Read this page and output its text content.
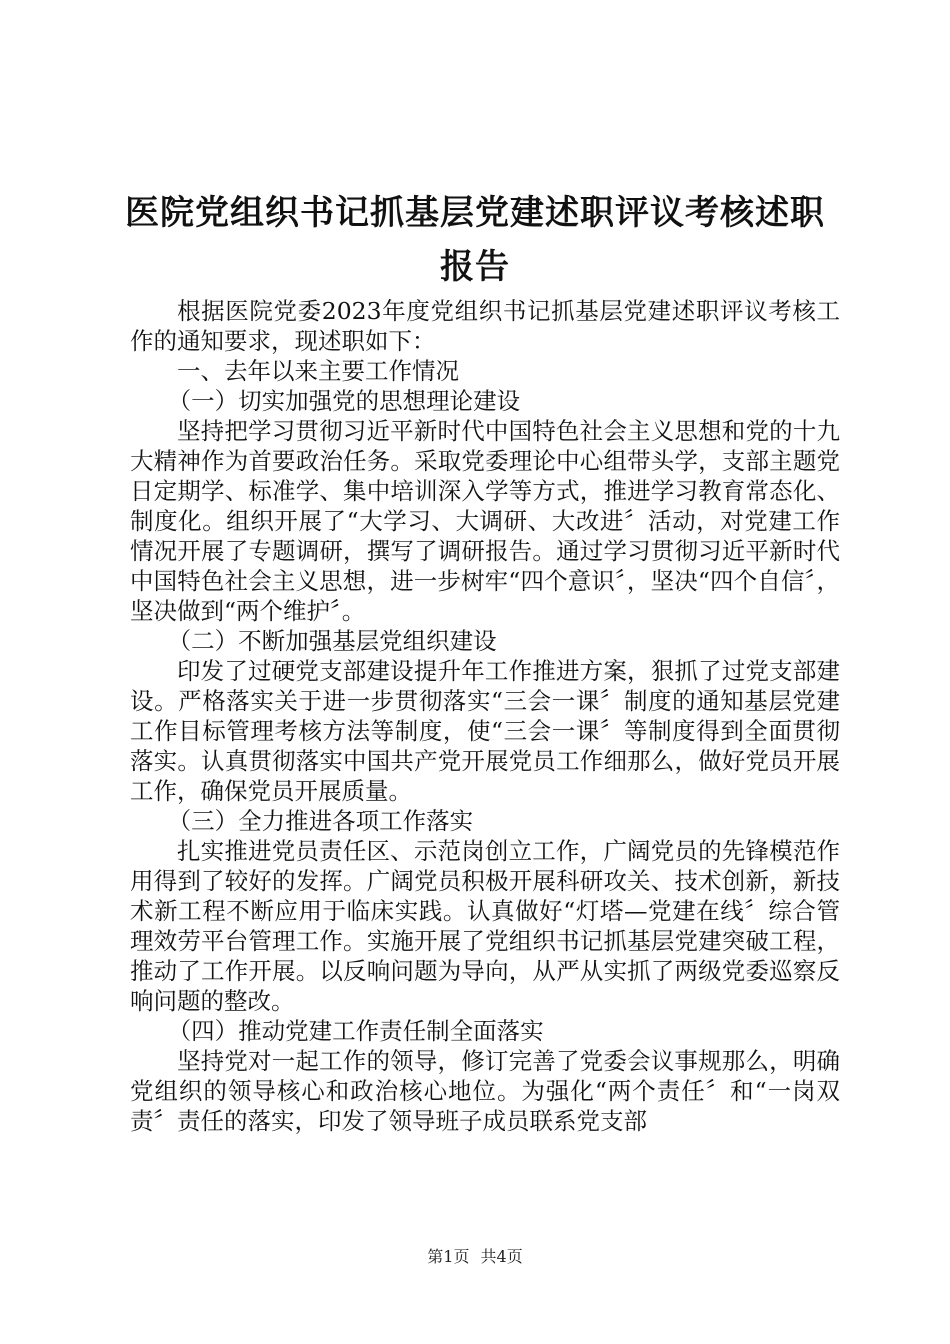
医院党组织书记抓基层党建述职评议考核述职
报告

根据医院党委2023年度党组织书记抓基层党建述职评议考核工作的通知要求，现述职如下：

一、去年以来主要工作情况

（一）切实加强党的思想理论建设

坚持把学习贯彻习近平新时代中国特色社会主义思想和党的十九大精神作为首要政治任务。采取党委理论中心组带头学，支部主题党日定期学、标准学、集中培训深入学等方式，推进学习教育常态化、制度化。组织开展了“大学习、大调研、大改进〞活动，对党建工作情况开展了专题调研，撰写了调研报告。通过学习贯彻习近平新时代中国特色社会主义思想，进一步树牢“四个意识〞，坚决“四个自信〞，坚决做到“两个维护〞。

（二）不断加强基层党组织建设

印发了过硬党支部建设提升年工作推进方案，狠抓了过党支部建设。严格落实关于进一步贯彻落实“三会一课〞制度的通知基层党建工作目标管理考核方法等制度，使“三会一课〞等制度得到全面贯彻落实。认真贯彻落实中国共产党开展党员工作细那么，做好党员开展工作，确保党员开展质量。

（三）全力推进各项工作落实

扎实推进党员责任区、示范岗创立工作，广阔党员的先锋模范作用得到了较好的发挥。广阔党员积极开展科研攻关、技术创新，新技术新工程不断应用于临床实践。认真做好“灯塔—党建在线〞综合管理效劳平台管理工作。实施开展了党组织书记抓基层党建突破工程，推动了工作开展。以反响问题为导向，从严从实抓了两级党委巡察反响问题的整改。

（四）推动党建工作责任制全面落实

坚持党对一起工作的领导，修订完善了党委会议事规那么，明确党组织的领导核心和政治核心地位。为强化“两个责任〞和“一岗双责〞责任的落实，印发了领导班子成员联系党支部

第1页 共4页
